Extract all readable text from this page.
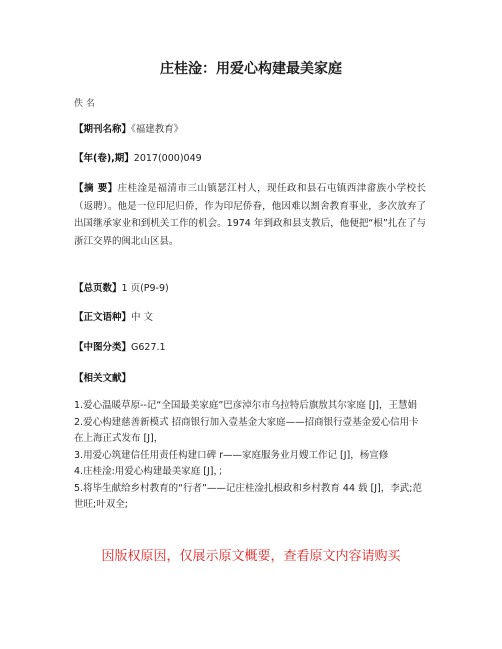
庄桂淦：用爱心构建最美家庭
佚 名
【期刊名称】《福建教育》
【年(卷),期】2017(000)049
【摘 要】庄桂淦是福清市三山镇瑟江村人，现任政和县石屯镇西津畲族小学校长（返聘）。他是一位印尼归侨，作为印尼侨眷，他因难以割舍教育事业，多次放弃了出国继承家业和到机关工作的机会。1974 年到政和县支教后，他便把“根”扎在了与浙江交界的闽北山区县。
【总页数】1 页(P9-9)
【正文语种】中 文
【中图分类】G627.1
【相关文献】
1.爱心温暖草原--记“全国最美家庭”巴彦淖尔市乌拉特后旗敖其尔家庭 [J]，王慧娟
2.爱心构建慈善新模式 招商银行加入壹基金大家庭——招商银行壹基金爱心信用卡在上海正式发布 [J]，
3.用爱心筑建信任用责任构建口碑 r——家庭服务业月嫂工作记 [J]，杨宣修
4.庄桂淦:用爱心构建最美家庭 [J]，；
5.将毕生献给乡村教育的“行者”——记庄桂淦扎根政和乡村教育 44 载 [J]，李武;范世旺;叶双全;
因版权原因，仅展示原文概要，查看原文内容请购买
